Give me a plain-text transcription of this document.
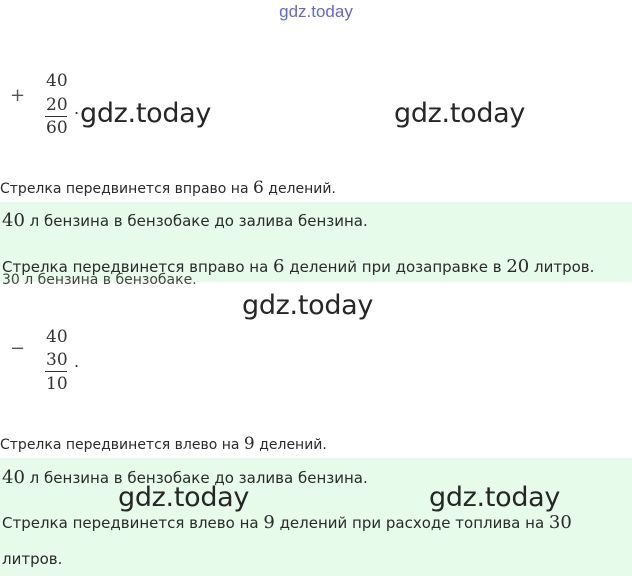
gdz.today
+
40
20
60
. gdz.today	gdz.today
Стрелка передвинется вправо на 6 делений.
40 л бензина в бензобаке до залива бензина.
Стрелка передвинется вправо на 6 делений при дозаправке в 20 литров.
30 л бензина в бензобаке.
gdz.today
−
40
30
10
.
Стрелка передвинется влево на 9 делений.
40 л бензина в бензобаке до залива бензина.
gdz.today	gdz.today
Стрелка передвинется влево на 9 делений при расходе топлива на 30
литров.
